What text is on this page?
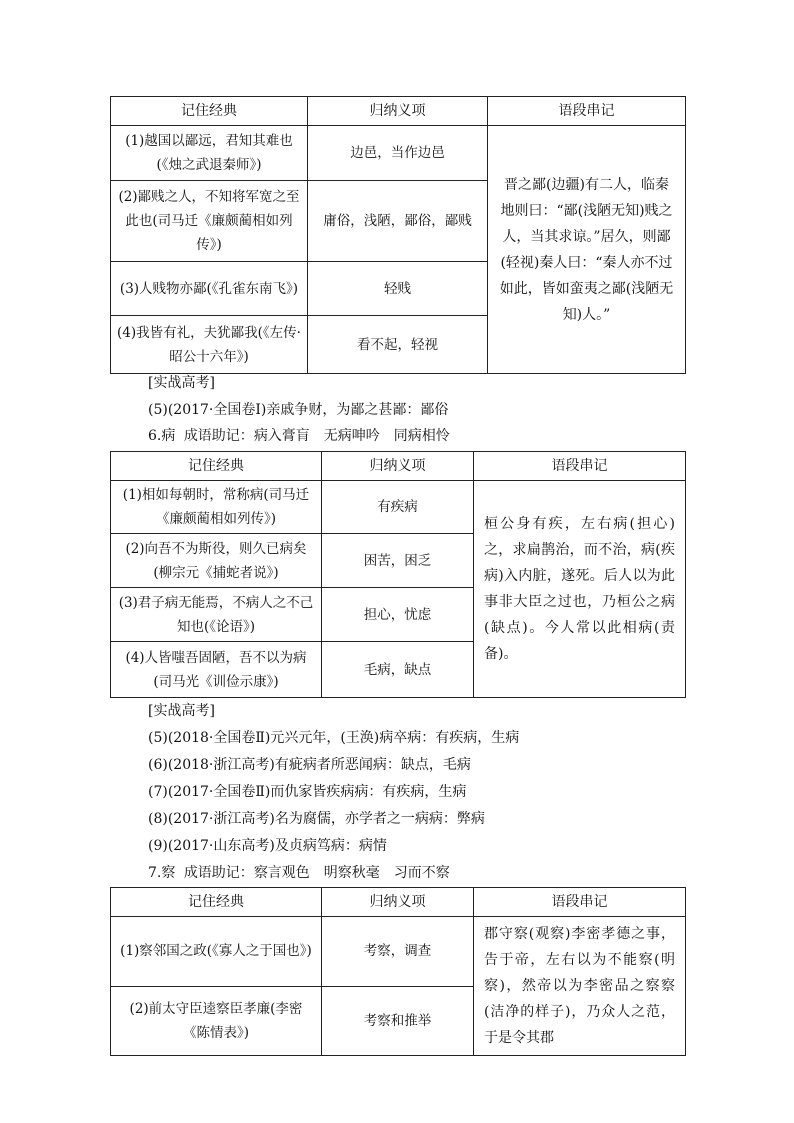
记住经典	归纳义项	语段串记
(1)越国以鄙远，君知其难也(《烛之武退秦师》)	边邑，当作边邑	晋之鄙(边疆)有二人，临秦地则曰：“鄙(浅陋无知)贱之人，当其求谅。”居久，则鄙(轻视)秦人曰：“秦人亦不过如此，皆如蛮夷之鄙(浅陋无知)人。”
(2)鄙贱之人，不知将军宽之至此也(司马迁《廉颇蔺相如列传》)	庸俗，浅陋，鄙俗，鄙贱	
(3)人贱物亦鄙(《孔雀东南飞》)	轻贱	
(4)我皆有礼，夫犹鄙我(《左传·昭公十六年》)	看不起，轻视	
[实战高考]
(5)(2017·全国卷Ⅰ)亲戚争财，为鄙之甚鄙：鄙俗
6.病 成语助记：病入膏肓　无病呻吟　同病相怜
记住经典	归纳义项	语段串记
(1)相如每朝时，常称病(司马迁《廉颇蔺相如列传》)	有疾病	桓公身有疾，左右病(担心)之，求扁鹊治，而不治，病(疾病)入内脏，遂死。后人以为此事非大臣之过也，乃桓公之病(缺点)。今人常以此相病(责备)。
(2)向吾不为斯役，则久已病矣(柳宗元《捕蛇者说》)	困苦，困乏	
(3)君子病无能焉，不病人之不己知也(《论语》)	担心，忧虑	
(4)人皆嗤吾固陋，吾不以为病(司马光《训俭示康》)	毛病，缺点	
[实战高考]
(5)(2018·全国卷Ⅱ)元兴元年，(王涣)病卒病：有疾病，生病
(6)(2018·浙江高考)有疵病者所恶闻病：缺点，毛病
(7)(2017·全国卷Ⅱ)而仇家皆疾病病：有疾病，生病
(8)(2017·浙江高考)名为腐儒，亦学者之一病病：弊病
(9)(2017·山东高考)及贞病笃病：病情
7.察 成语助记：察言观色　明察秋毫　习而不察
记住经典	归纳义项	语段串记
(1)察邻国之政(《寡人之于国也》)	考察，调查	郡守察(观察)李密孝德之事，告于帝，左右以为不能察(明察)，然帝以为李密品之察察(洁净的样子)，乃众人之范，于是令其郡
(2)前太守臣逵察臣孝廉(李密《陈情表》)	考察和推举	
